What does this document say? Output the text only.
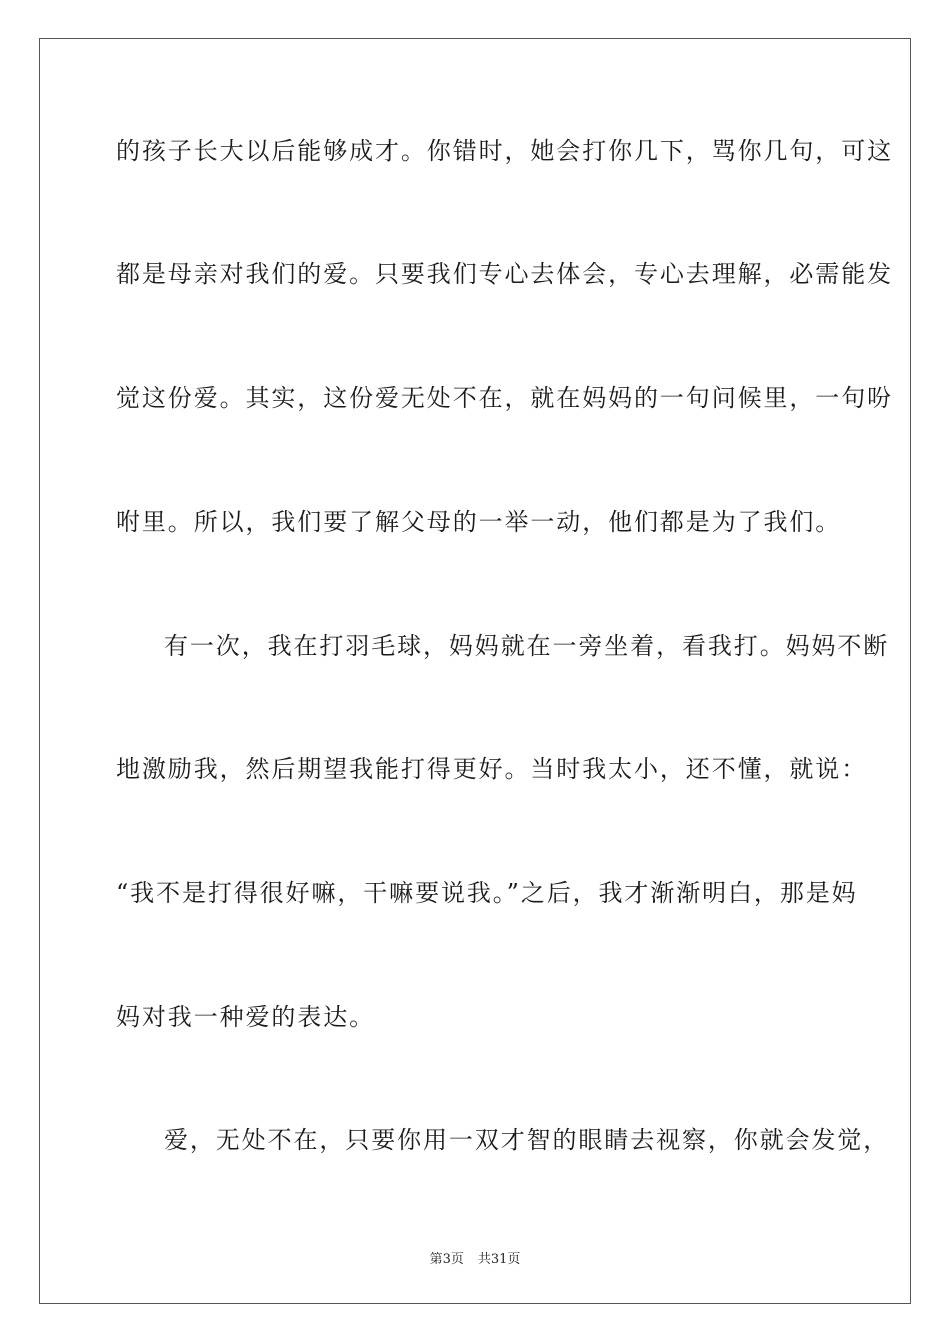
的孩子长大以后能够成才。你错时，她会打你几下，骂你几句，可这
都是母亲对我们的爱。只要我们专心去体会，专心去理解，必需能发
觉这份爱。其实，这份爱无处不在，就在妈妈的一句问候里，一句吩
咐里。所以，我们要了解父母的一举一动，他们都是为了我们。
有一次，我在打羽毛球，妈妈就在一旁坐着，看我打。妈妈不断
地激励我，然后期望我能打得更好。当时我太小，还不懂，就说：
“我不是打得很好嘛，干嘛要说我。”之后，我才渐渐明白，那是妈
妈对我一种爱的表达。
爱，无处不在，只要你用一双才智的眼睛去视察，你就会发觉，
第3页 共31页
